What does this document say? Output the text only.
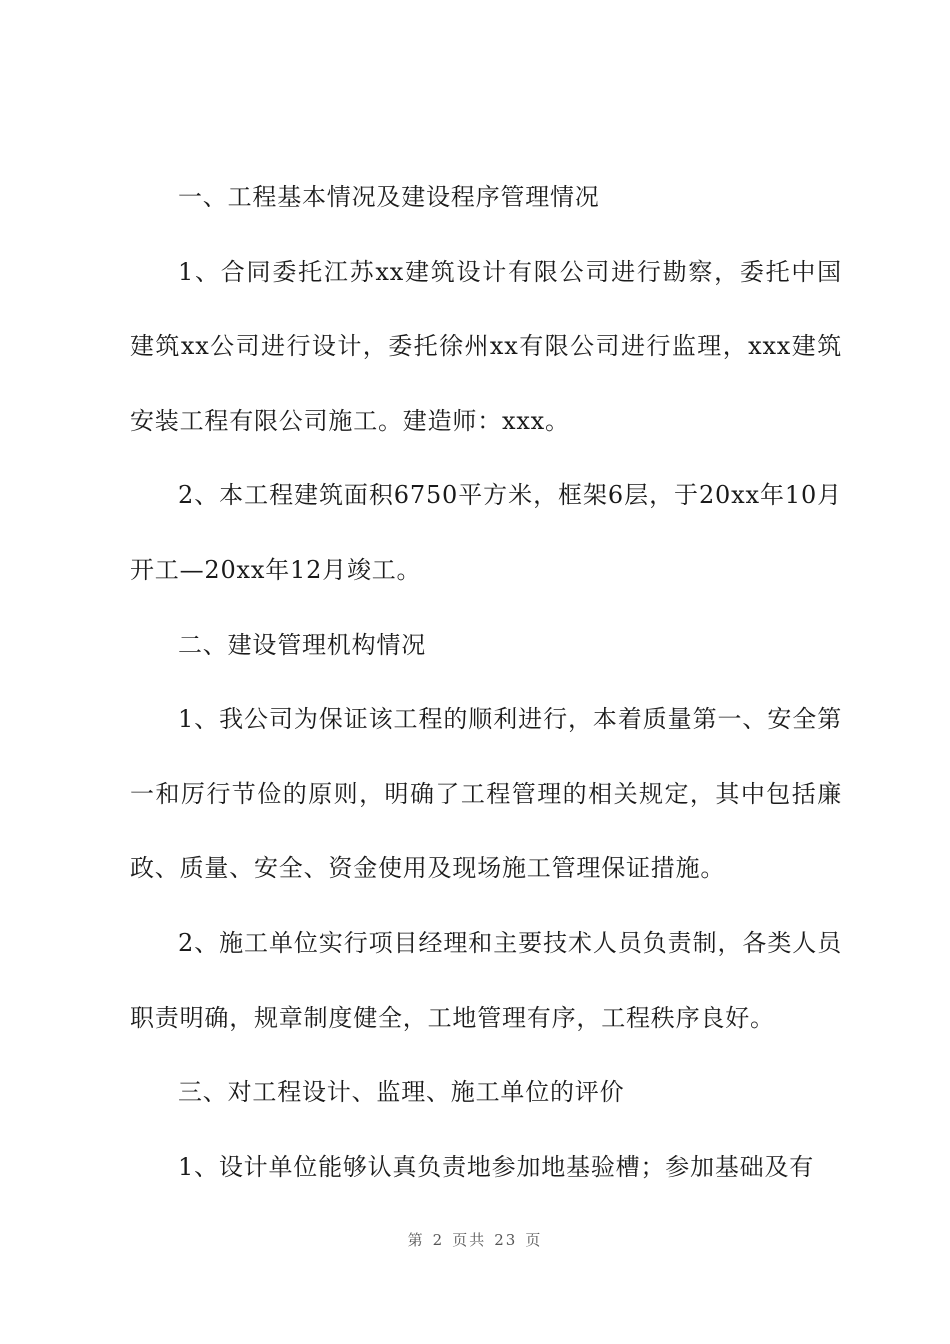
一、工程基本情况及建设程序管理情况

1、合同委托江苏xx建筑设计有限公司进行勘察，委托中国建筑xx公司进行设计，委托徐州xx有限公司进行监理，xxx建筑安装工程有限公司施工。建造师：xxx。

2、本工程建筑面积6750平方米，框架6层，于20xx年10月开工—20xx年12月竣工。

二、建设管理机构情况

1、我公司为保证该工程的顺利进行，本着质量第一、安全第一和厉行节俭的原则，明确了工程管理的相关规定，其中包括廉政、质量、安全、资金使用及现场施工管理保证措施。

2、施工单位实行项目经理和主要技术人员负责制，各类人员职责明确，规章制度健全，工地管理有序，工程秩序良好。

三、对工程设计、监理、施工单位的评价

1、设计单位能够认真负责地参加地基验槽；参加基础及有

第 2 页共 23 页
